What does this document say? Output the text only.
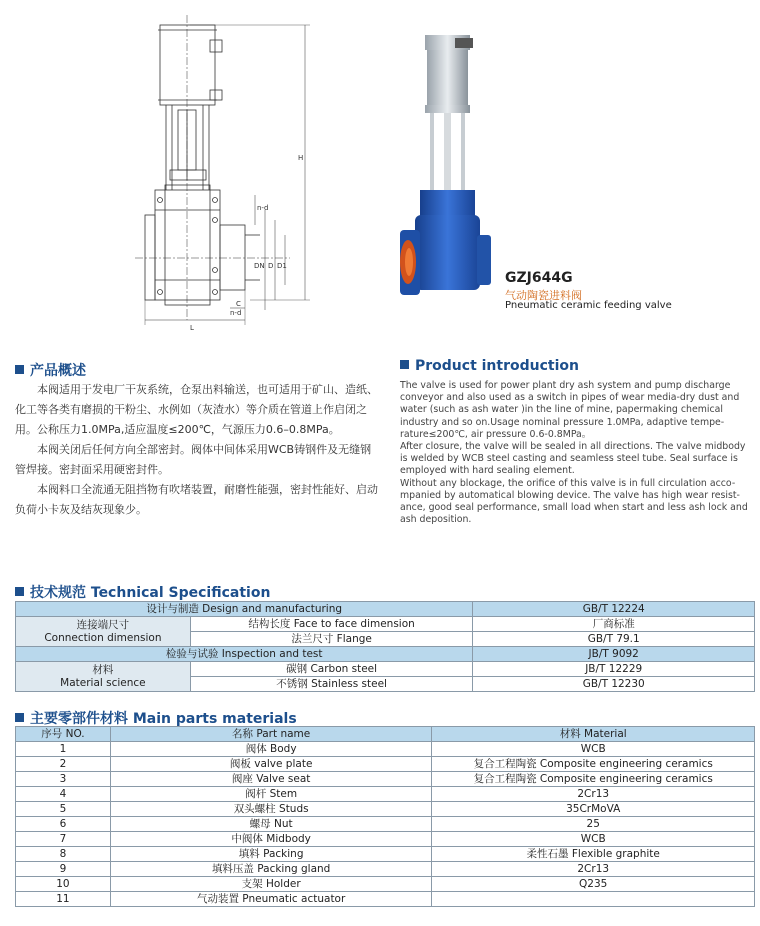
H
L
C
D D1
DN
n-d
n-d
GZJ644G
气动陶瓷进料阀
Pneumatic ceramic feeding valve
产品概述

本阀适用于发电厂干灰系统，仓泵出料输送，也可适用于矿山、造纸、化工等各类有磨损的干粉尘、水例如（灰渣水）等介质在管道上作启闭之用。公称压力1.0MPa,适应温度≤200℃，气源压力0.6–0.8MPa。

本阀关闭后任何方向全部密封。阀体中间体采用WCB铸钢件及无缝钢管焊接。密封面采用硬密封件。

本阀料口全流通无阻挡物有吹堵装置，耐磨性能强，密封性能好、启动负荷小卡灰及结灰现象少。

Product introduction

The valve is used for power plant dry ash system and pump discharge conveyor and also used as a switch in pipes of wear media-dry dust and water (such as ash water )in the line of mine, papermaking chemical industry and so on.Usage nominal pressure 1.0MPa, adaptive tempe-rature≤200℃, air pressure 0.6-0.8MPa。

After closure, the valve will be sealed in all directions. The valve midbody is welded by WCB steel casting and seamless steel tube. Seal surface is employed with hard sealing element.

Without any blockage, the orifice of this valve is in full circulation acco-mpanied by automatical blowing device. The valve has high wear resist-ance, good seal performance, small load when start and less ash lock and ash deposition.

技术规范 Technical Specification
设计与制造 Design and manufacturing		GB/T 12224
连接端尺寸
Connection dimension	结构长度 Face to face dimension	厂商标准
	法兰尺寸 Flange	GB/T 79.1
检验与试验 Inspection and test		JB/T 9092
材料
Material science	碳钢 Carbon steel	JB/T 12229
	不锈钢 Stainless steel	GB/T 12230
主要零部件材料 Main parts materials
序号 NO.	名称 Part name	材料 Material
1	阀体 Body	WCB
2	阀板 valve plate	复合工程陶瓷 Composite engineering ceramics
3	阀座 Valve seat	复合工程陶瓷 Composite engineering ceramics
4	阀杆 Stem	2Cr13
5	双头螺柱 Studs	35CrMoVA
6	螺母 Nut	25
7	中阀体 Midbody	WCB
8	填料 Packing	柔性石墨 Flexible graphite
9	填料压盖 Packing gland	2Cr13
10	支架 Holder	Q235
11	气动装置 Pneumatic actuator	
